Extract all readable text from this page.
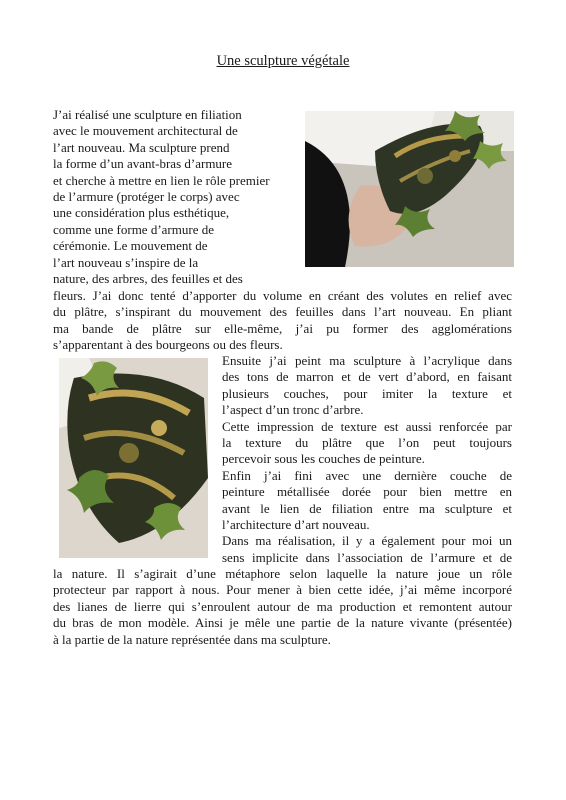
Une sculpture végétale
J’ai réalisé une sculpture en filiation
avec le mouvement architectural de
l’art nouveau. Ma sculpture prend
la forme d’un avant-bras d’armure
et cherche à mettre en lien le rôle premier
de l’armure (protéger le corps) avec
une considération plus esthétique,
comme une forme d’armure de
cérémonie. Le mouvement de
l’art nouveau s’inspire de la
nature, des arbres, des feuilles et des
fleurs. J’ai donc tenté d’apporter du volume en créant des volutes en relief avec
du plâtre, s’inspirant du mouvement des feuilles dans l’art nouveau. En pliant
ma bande de plâtre sur elle-même, j’ai pu former des agglomérations
s’apparentant à des bourgeons ou des fleurs.
Ensuite j’ai peint ma sculpture à l’acrylique dans
des tons de marron et de vert d’abord, en faisant
plusieurs couches, pour imiter la texture et
l’aspect d’un tronc d’arbre.
Cette impression de texture est aussi renforcée par
la texture du plâtre que l’on peut toujours
percevoir sous les couches de peinture.
Enfin j’ai fini avec une dernière couche de
peinture métallisée dorée pour bien mettre en
avant le lien de filiation entre ma sculpture et
l’architecture d’art nouveau.
Dans ma réalisation, il y a également pour moi un
sens implicite dans l’association de l’armure et de
la nature. Il s’agirait d’une métaphore selon laquelle la nature joue un rôle
protecteur par rapport à nous. Pour mener à bien cette idée, j’ai même incorporé
des lianes de lierre qui s’enroulent autour de ma production et remontent autour
du bras de mon modèle. Ainsi je mêle une partie de la nature vivante (présentée)
à la partie de la nature représentée dans ma sculpture.
